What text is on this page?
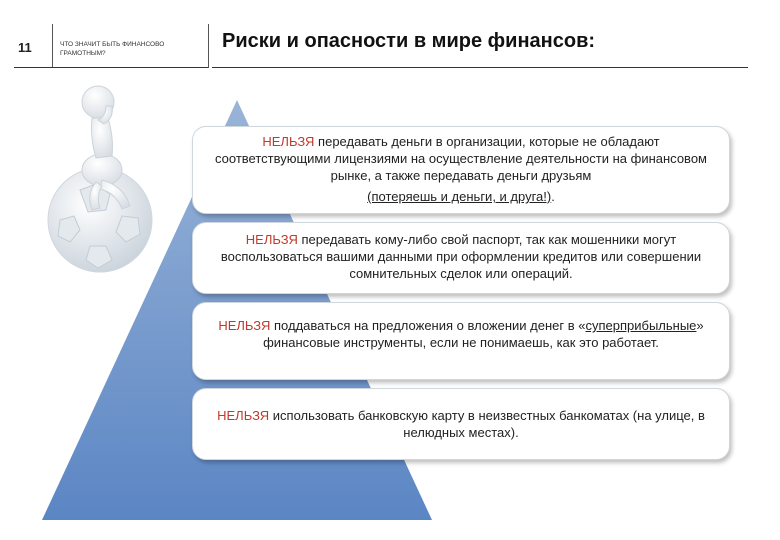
11	ЧТО ЗНАЧИТ БЫТЬ ФИНАНСОВО ГРАМОТНЫМ?
Риски и опасности в мире финансов:

НЕЛЬЗЯ передавать деньги в организации, которые не обладают соответствующими лицензиями на осуществление деятельности на финансовом рынке, а также передавать деньги друзьям

(потеряешь и деньги, и друга!).

НЕЛЬЗЯ передавать кому-либо свой паспорт, так как мошенники могут воспользоваться вашими данными при оформлении кредитов или совершении сомнительных сделок или операций.

НЕЛЬЗЯ поддаваться на предложения о вложении денег в «суперприбыльные» финансовые инструменты, если не понимаешь, как это работает.

НЕЛЬЗЯ использовать банковскую карту в неизвестных банкоматах (на улице, в нелюдных местах).
